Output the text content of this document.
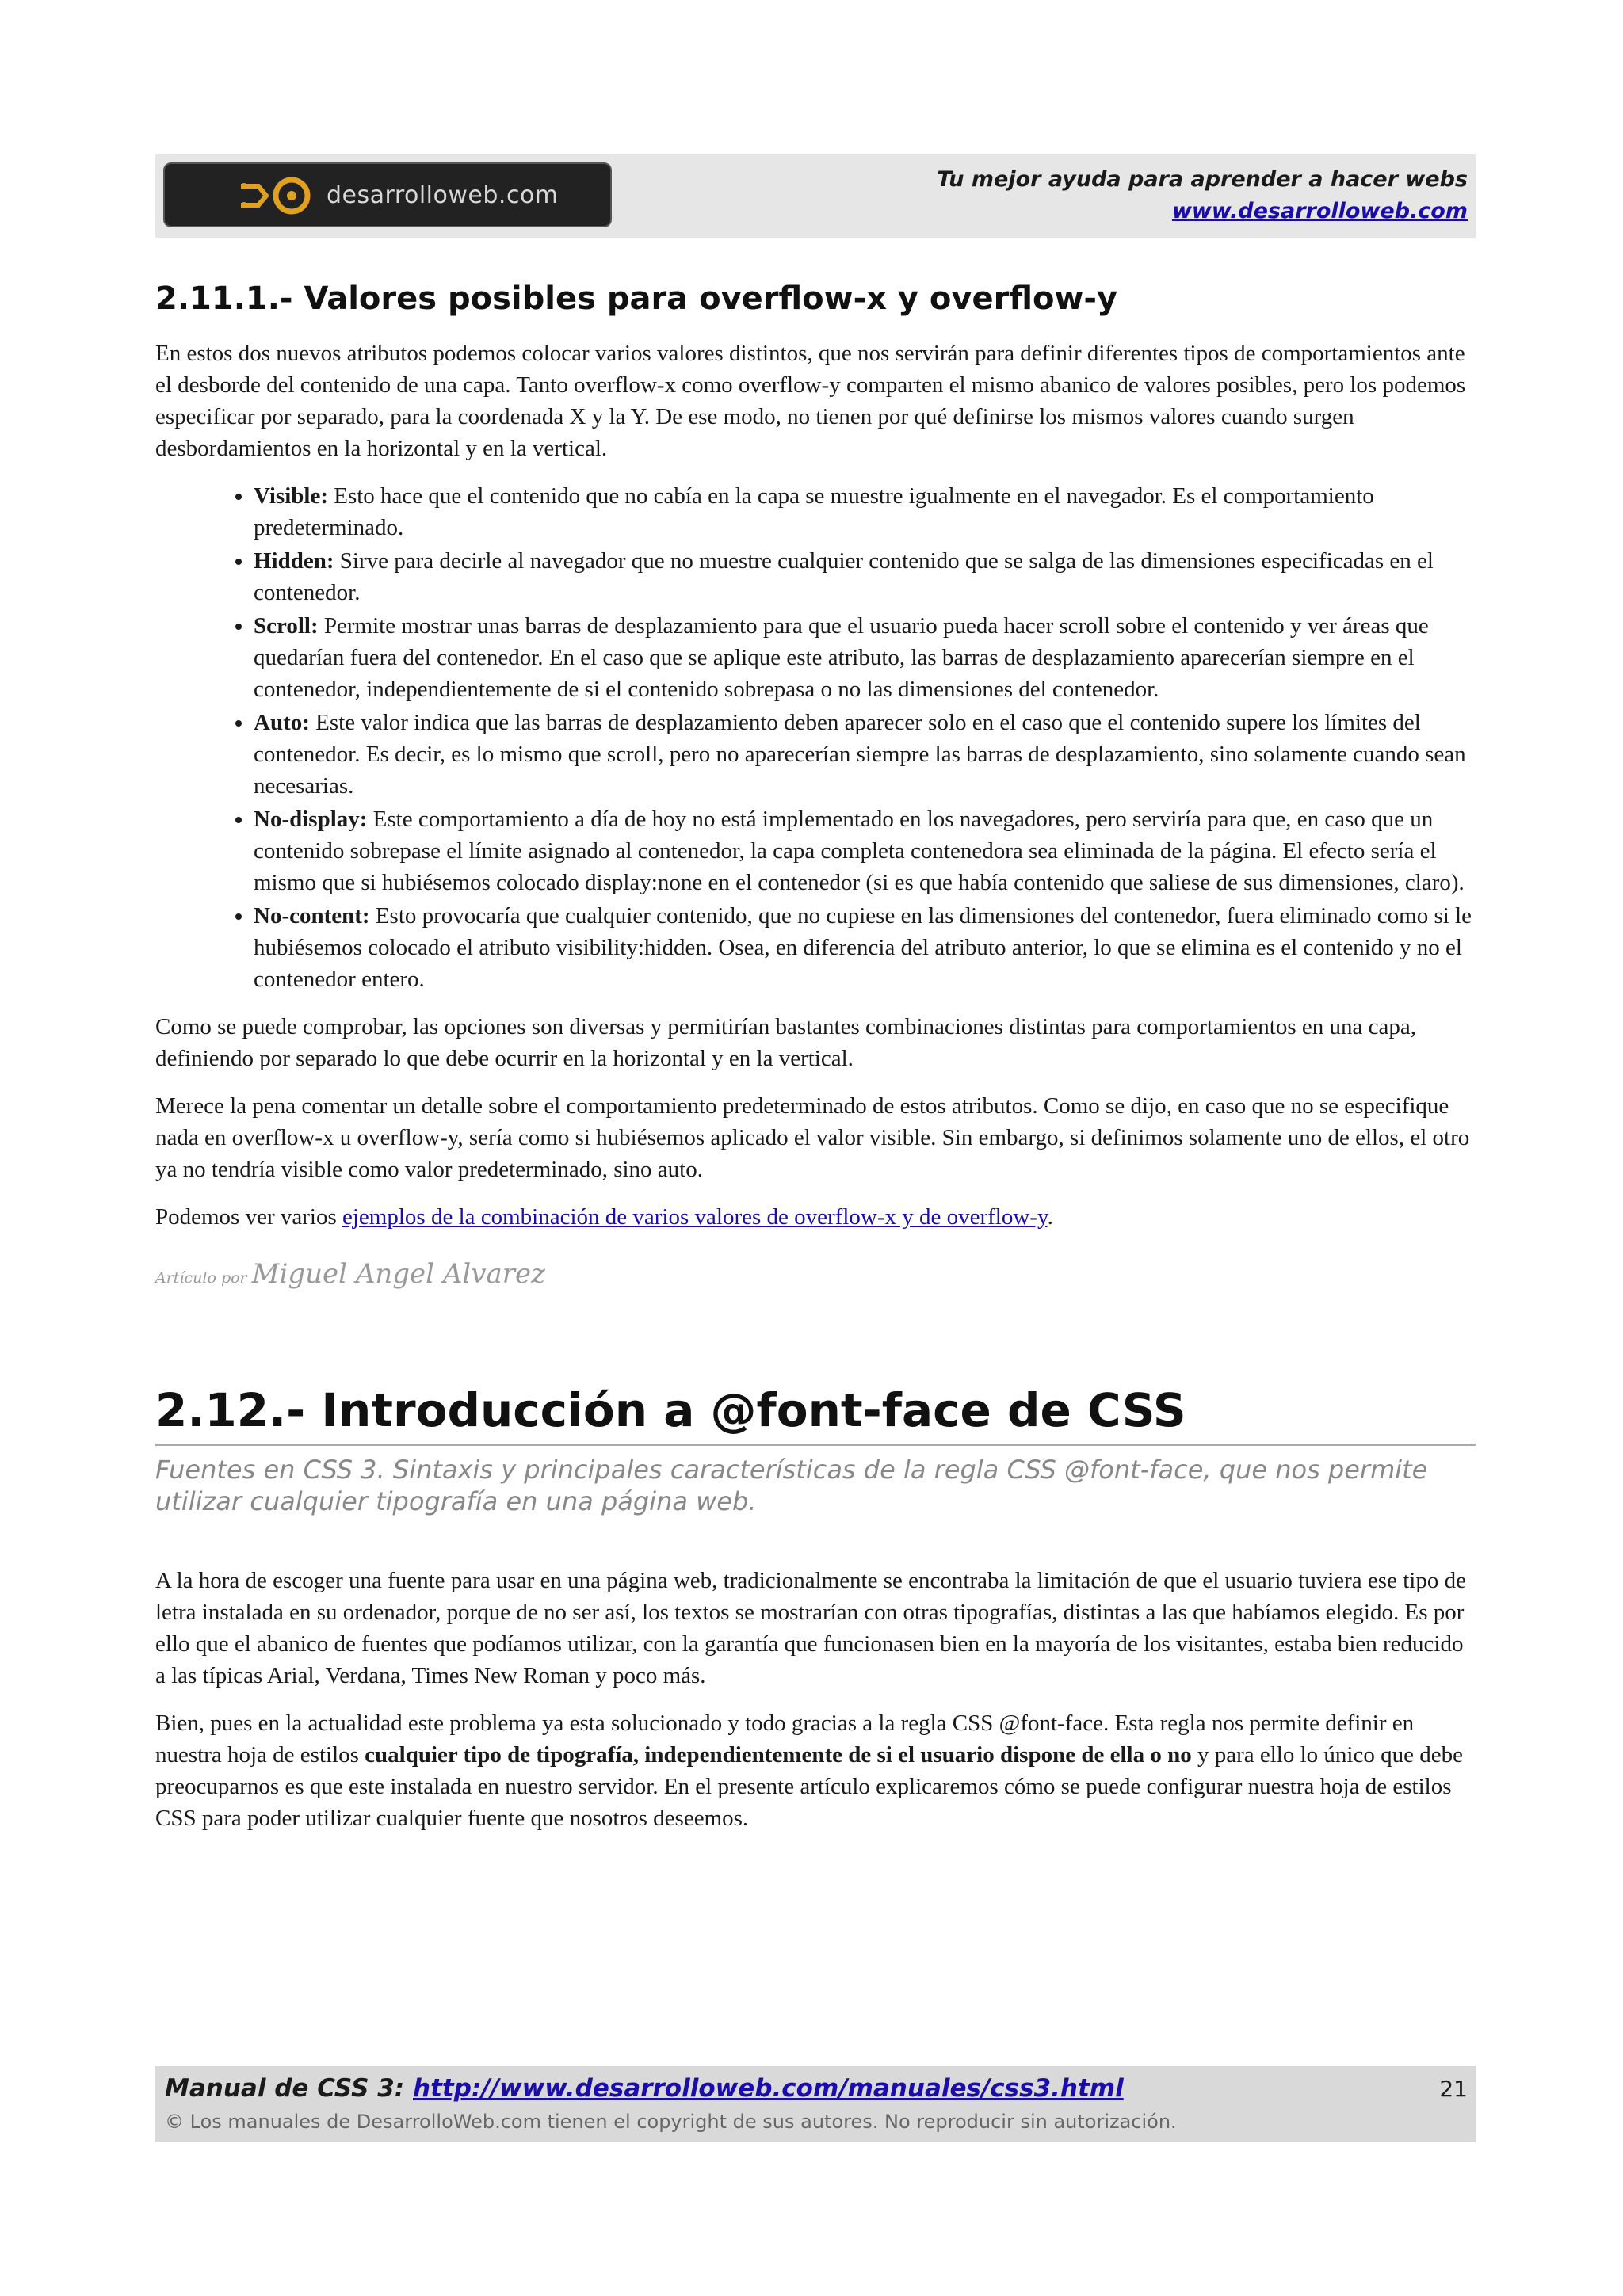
desarrolloweb.com
Tu mejor ayuda para aprender a hacer webs
www.desarrolloweb.com
2.11.1.- Valores posibles para overflow-x y overflow-y

En estos dos nuevos atributos podemos colocar varios valores distintos, que nos servirán para definir diferentes tipos de comportamientos ante el desborde del contenido de una capa. Tanto overflow-x como overflow-y comparten el mismo abanico de valores posibles, pero los podemos especificar por separado, para la coordenada X y la Y. De ese modo, no tienen por qué definirse los mismos valores cuando surgen desbordamientos en la horizontal y en la vertical.

• Visible: Esto hace que el contenido que no cabía en la capa se muestre igualmente en el navegador. Es el comportamiento predeterminado.
• Hidden: Sirve para decirle al navegador que no muestre cualquier contenido que se salga de las dimensiones especificadas en el contenedor.
• Scroll: Permite mostrar unas barras de desplazamiento para que el usuario pueda hacer scroll sobre el contenido y ver áreas que quedarían fuera del contenedor. En el caso que se aplique este atributo, las barras de desplazamiento aparecerían siempre en el contenedor, independientemente de si el contenido sobrepasa o no las dimensiones del contenedor.
• Auto: Este valor indica que las barras de desplazamiento deben aparecer solo en el caso que el contenido supere los límites del contenedor. Es decir, es lo mismo que scroll, pero no aparecerían siempre las barras de desplazamiento, sino solamente cuando sean necesarias.
• No-display: Este comportamiento a día de hoy no está implementado en los navegadores, pero serviría para que, en caso que un contenido sobrepase el límite asignado al contenedor, la capa completa contenedora sea eliminada de la página. El efecto sería el mismo que si hubiésemos colocado display:none en el contenedor (si es que había contenido que saliese de sus dimensiones, claro).
• No-content: Esto provocaría que cualquier contenido, que no cupiese en las dimensiones del contenedor, fuera eliminado como si le hubiésemos colocado el atributo visibility:hidden. Osea, en diferencia del atributo anterior, lo que se elimina es el contenido y no el contenedor entero.

Como se puede comprobar, las opciones son diversas y permitirían bastantes combinaciones distintas para comportamientos en una capa, definiendo por separado lo que debe ocurrir en la horizontal y en la vertical.

Merece la pena comentar un detalle sobre el comportamiento predeterminado de estos atributos. Como se dijo, en caso que no se especifique nada en overflow-x u overflow-y, sería como si hubiésemos aplicado el valor visible. Sin embargo, si definimos solamente uno de ellos, el otro ya no tendría visible como valor predeterminado, sino auto.

Podemos ver varios ejemplos de la combinación de varios valores de overflow-x y de overflow-y.

Artículo por Miguel Angel Alvarez
2.12.- Introducción a @font-face de CSS
Fuentes en CSS 3. Sintaxis y principales características de la regla CSS @font-face, que nos permite utilizar cualquier tipografía en una página web.

A la hora de escoger una fuente para usar en una página web, tradicionalmente se encontraba la limitación de que el usuario tuviera ese tipo de letra instalada en su ordenador, porque de no ser así, los textos se mostrarían con otras tipografías, distintas a las que habíamos elegido. Es por ello que el abanico de fuentes que podíamos utilizar, con la garantía que funcionasen bien en la mayoría de los visitantes, estaba bien reducido a las típicas Arial, Verdana, Times New Roman y poco más.

Bien, pues en la actualidad este problema ya esta solucionado y todo gracias a la regla CSS @font-face. Esta regla nos permite definir en nuestra hoja de estilos cualquier tipo de tipografía, independientemente de si el usuario dispone de ella o no y para ello lo único que debe preocuparnos es que este instalada en nuestro servidor. En el presente artículo explicaremos cómo se puede configurar nuestra hoja de estilos CSS para poder utilizar cualquier fuente que nosotros deseemos.

Manual de CSS 3: http://www.desarrolloweb.com/manuales/css3.html
© Los manuales de DesarrolloWeb.com tienen el copyright de sus autores. No reproducir sin autorización.
21
